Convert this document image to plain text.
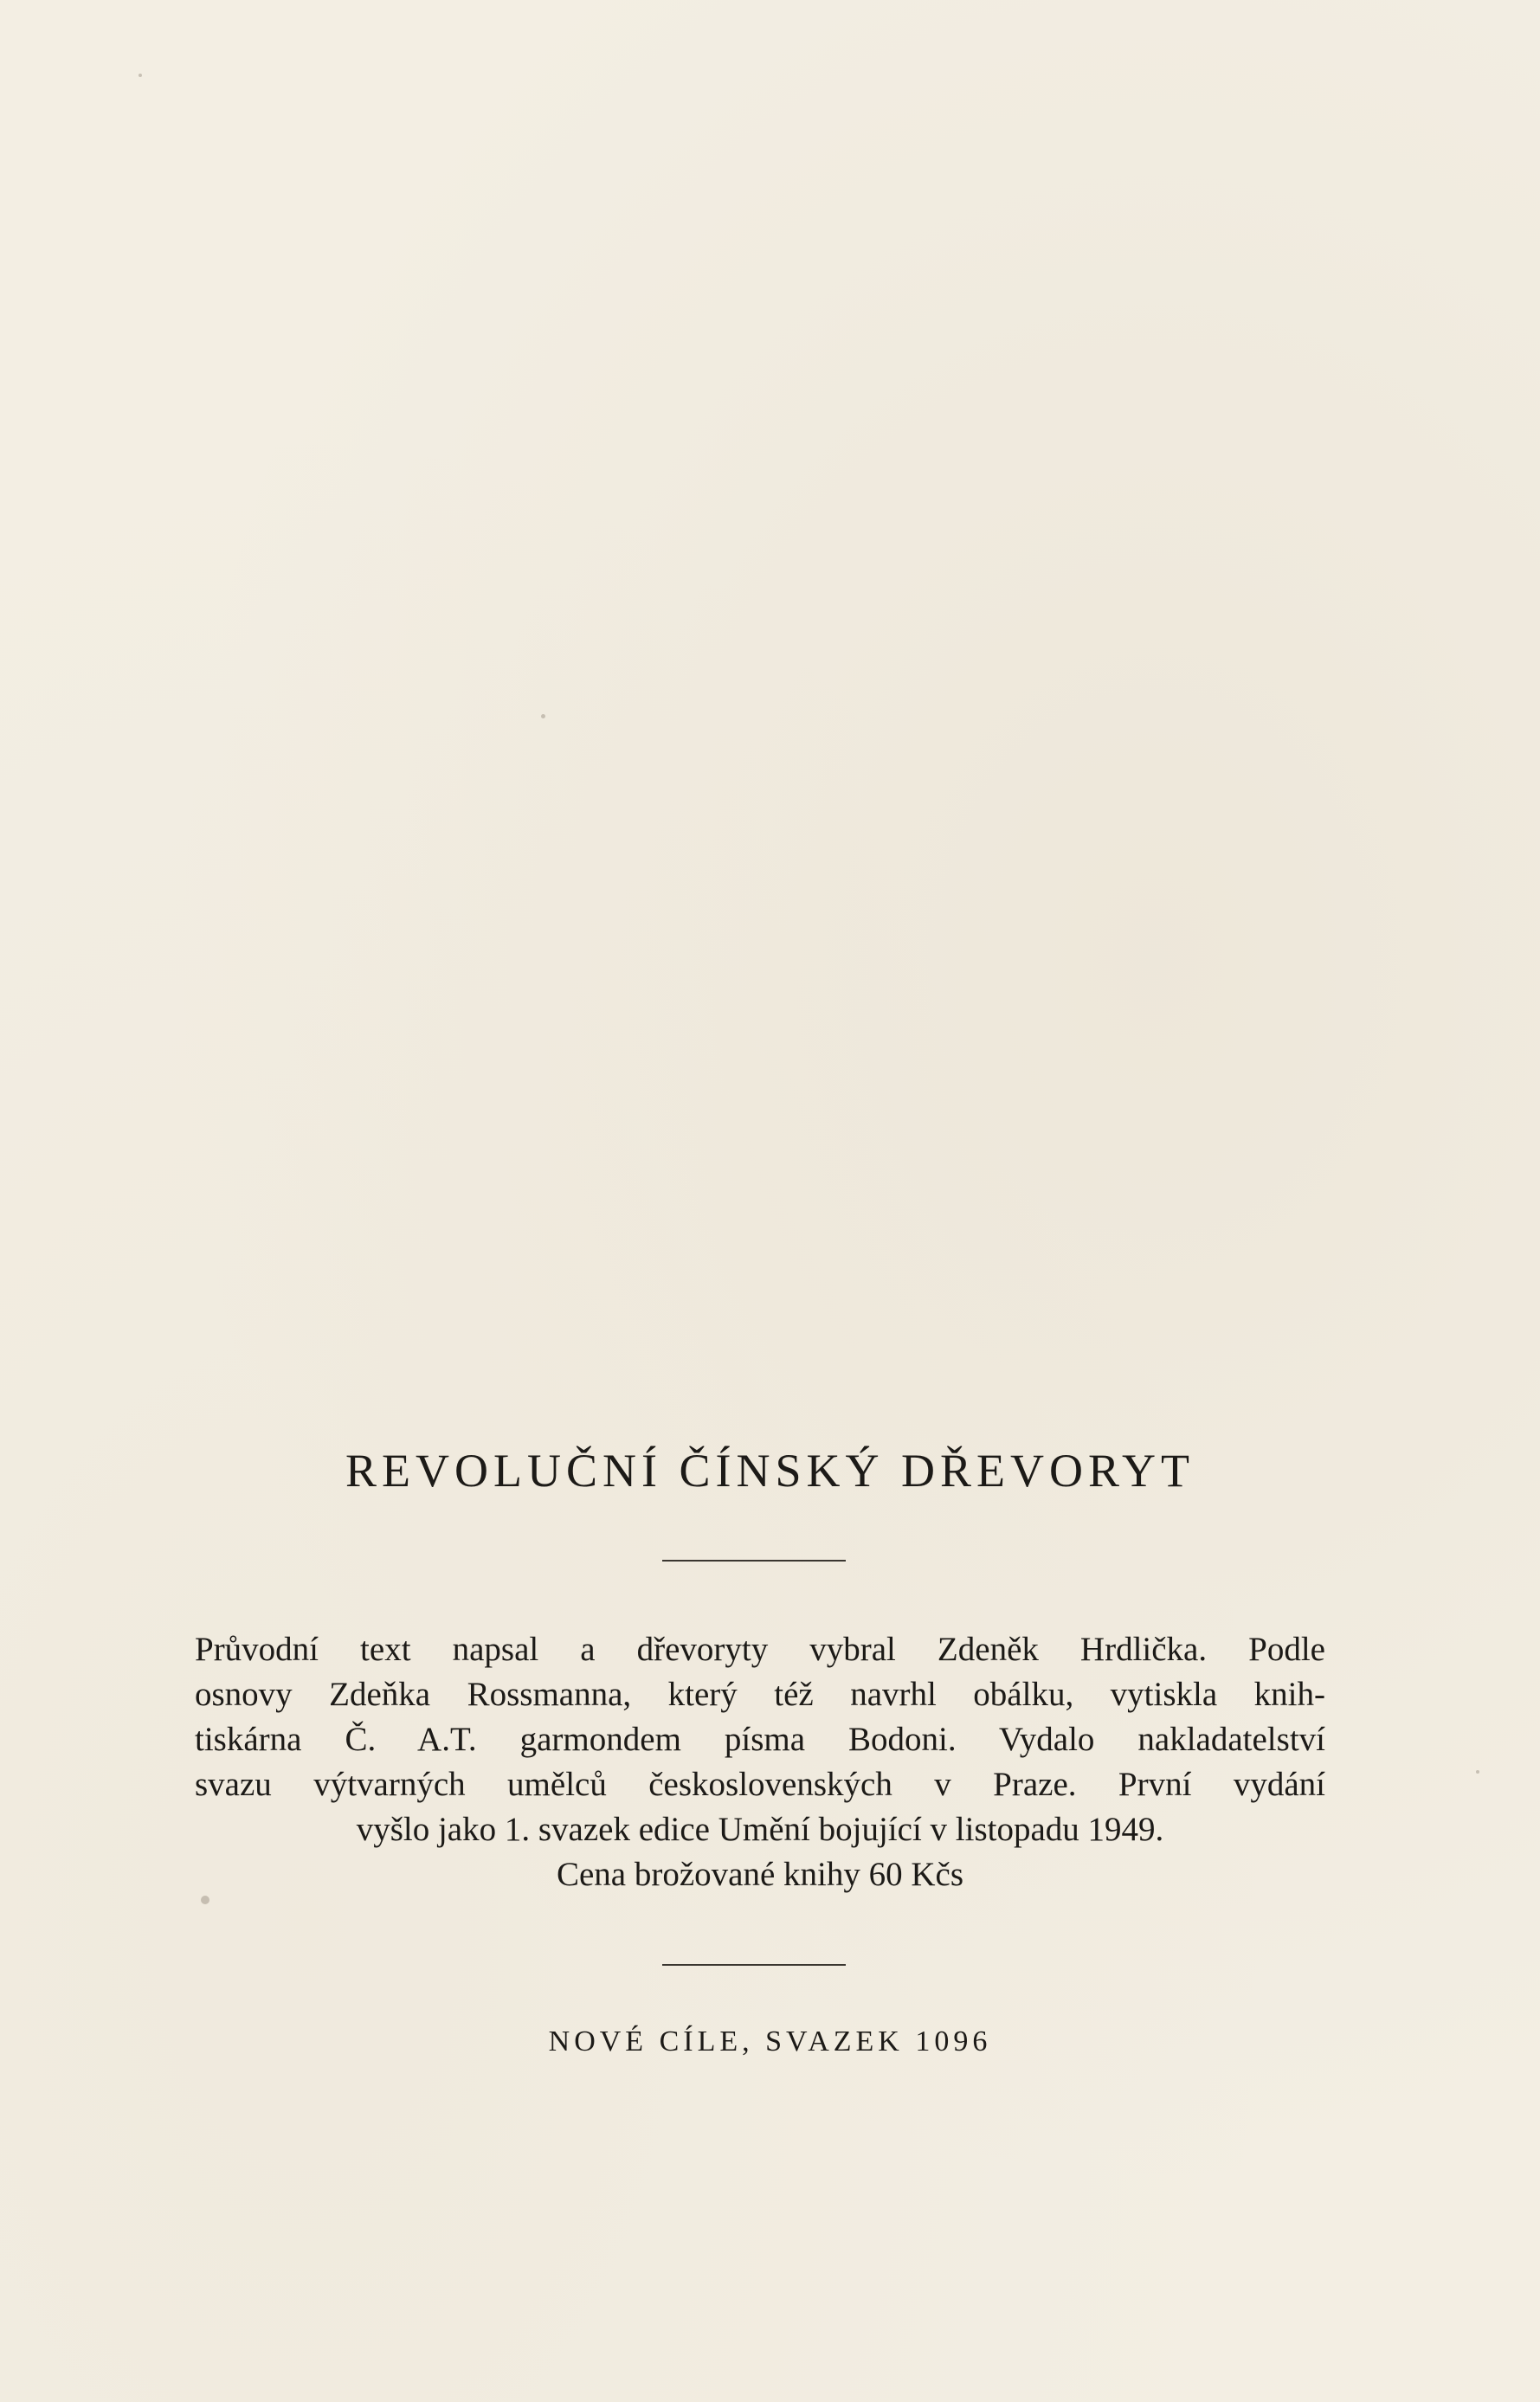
REVOLUČNÍ ČÍNSKÝ DŘEVORYT
Průvodní text napsal a dřevoryty vybral Zdeněk Hrdlička. Podle
osnovy Zdeňka Rossmanna, který též navrhl obálku, vytiskla knih-
tiskárna Č. A.T. garmondem písma Bodoni. Vydalo nakladatelství
svazu výtvarných umělců československých v Praze. První vydání
vyšlo jako 1. svazek edice Umění bojující v listopadu 1949.
Cena brožované knihy 60 Kčs
NOVÉ CÍLE, SVAZEK 1096
